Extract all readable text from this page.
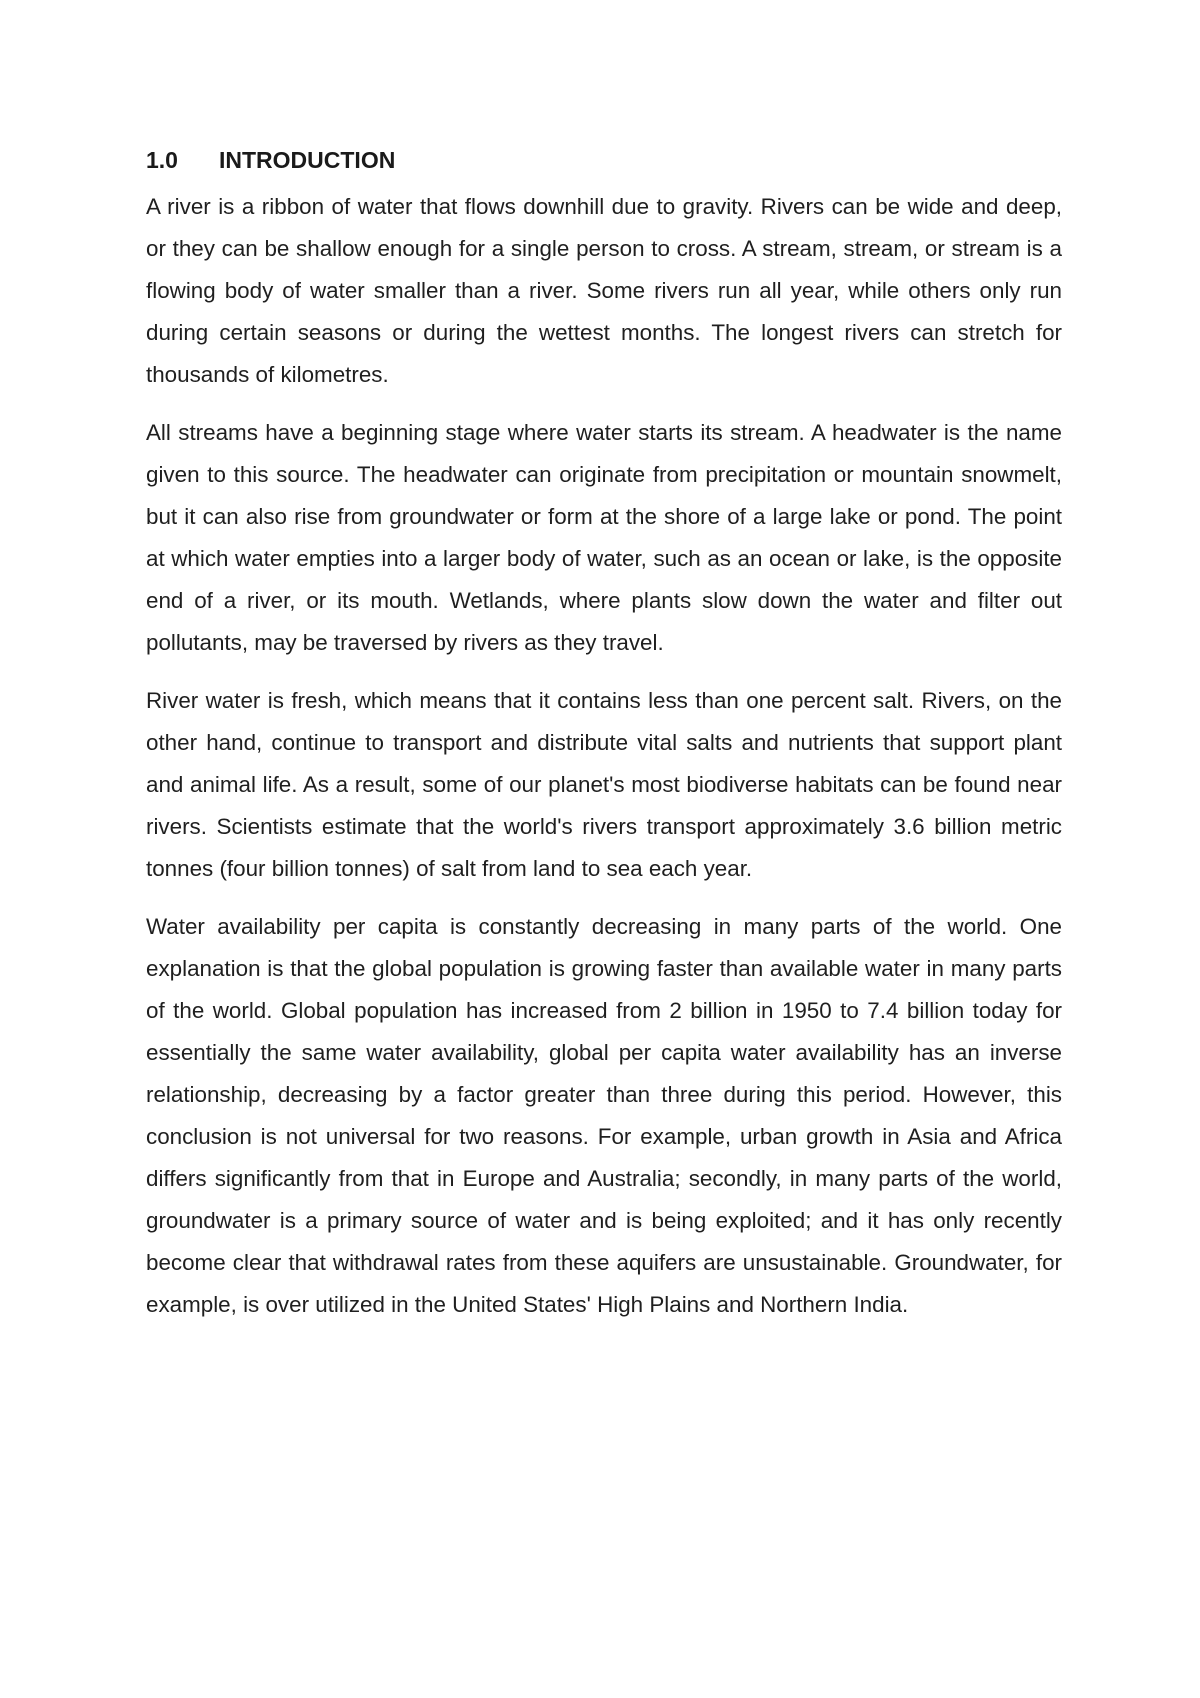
1.0 INTRODUCTION

A river is a ribbon of water that flows downhill due to gravity. Rivers can be wide and deep, or they can be shallow enough for a single person to cross. A stream, stream, or stream is a flowing body of water smaller than a river. Some rivers run all year, while others only run during certain seasons or during the wettest months. The longest rivers can stretch for thousands of kilometres.

All streams have a beginning stage where water starts its stream. A headwater is the name given to this source. The headwater can originate from precipitation or mountain snowmelt, but it can also rise from groundwater or form at the shore of a large lake or pond. The point at which water empties into a larger body of water, such as an ocean or lake, is the opposite end of a river, or its mouth. Wetlands, where plants slow down the water and filter out pollutants, may be traversed by rivers as they travel.

River water is fresh, which means that it contains less than one percent salt. Rivers, on the other hand, continue to transport and distribute vital salts and nutrients that support plant and animal life. As a result, some of our planet's most biodiverse habitats can be found near rivers. Scientists estimate that the world's rivers transport approximately 3.6 billion metric tonnes (four billion tonnes) of salt from land to sea each year.

Water availability per capita is constantly decreasing in many parts of the world. One explanation is that the global population is growing faster than available water in many parts of the world. Global population has increased from 2 billion in 1950 to 7.4 billion today for essentially the same water availability, global per capita water availability has an inverse relationship, decreasing by a factor greater than three during this period. However, this conclusion is not universal for two reasons. For example, urban growth in Asia and Africa differs significantly from that in Europe and Australia; secondly, in many parts of the world, groundwater is a primary source of water and is being exploited; and it has only recently become clear that withdrawal rates from these aquifers are unsustainable. Groundwater, for example, is over utilized in the United States' High Plains and Northern India.
